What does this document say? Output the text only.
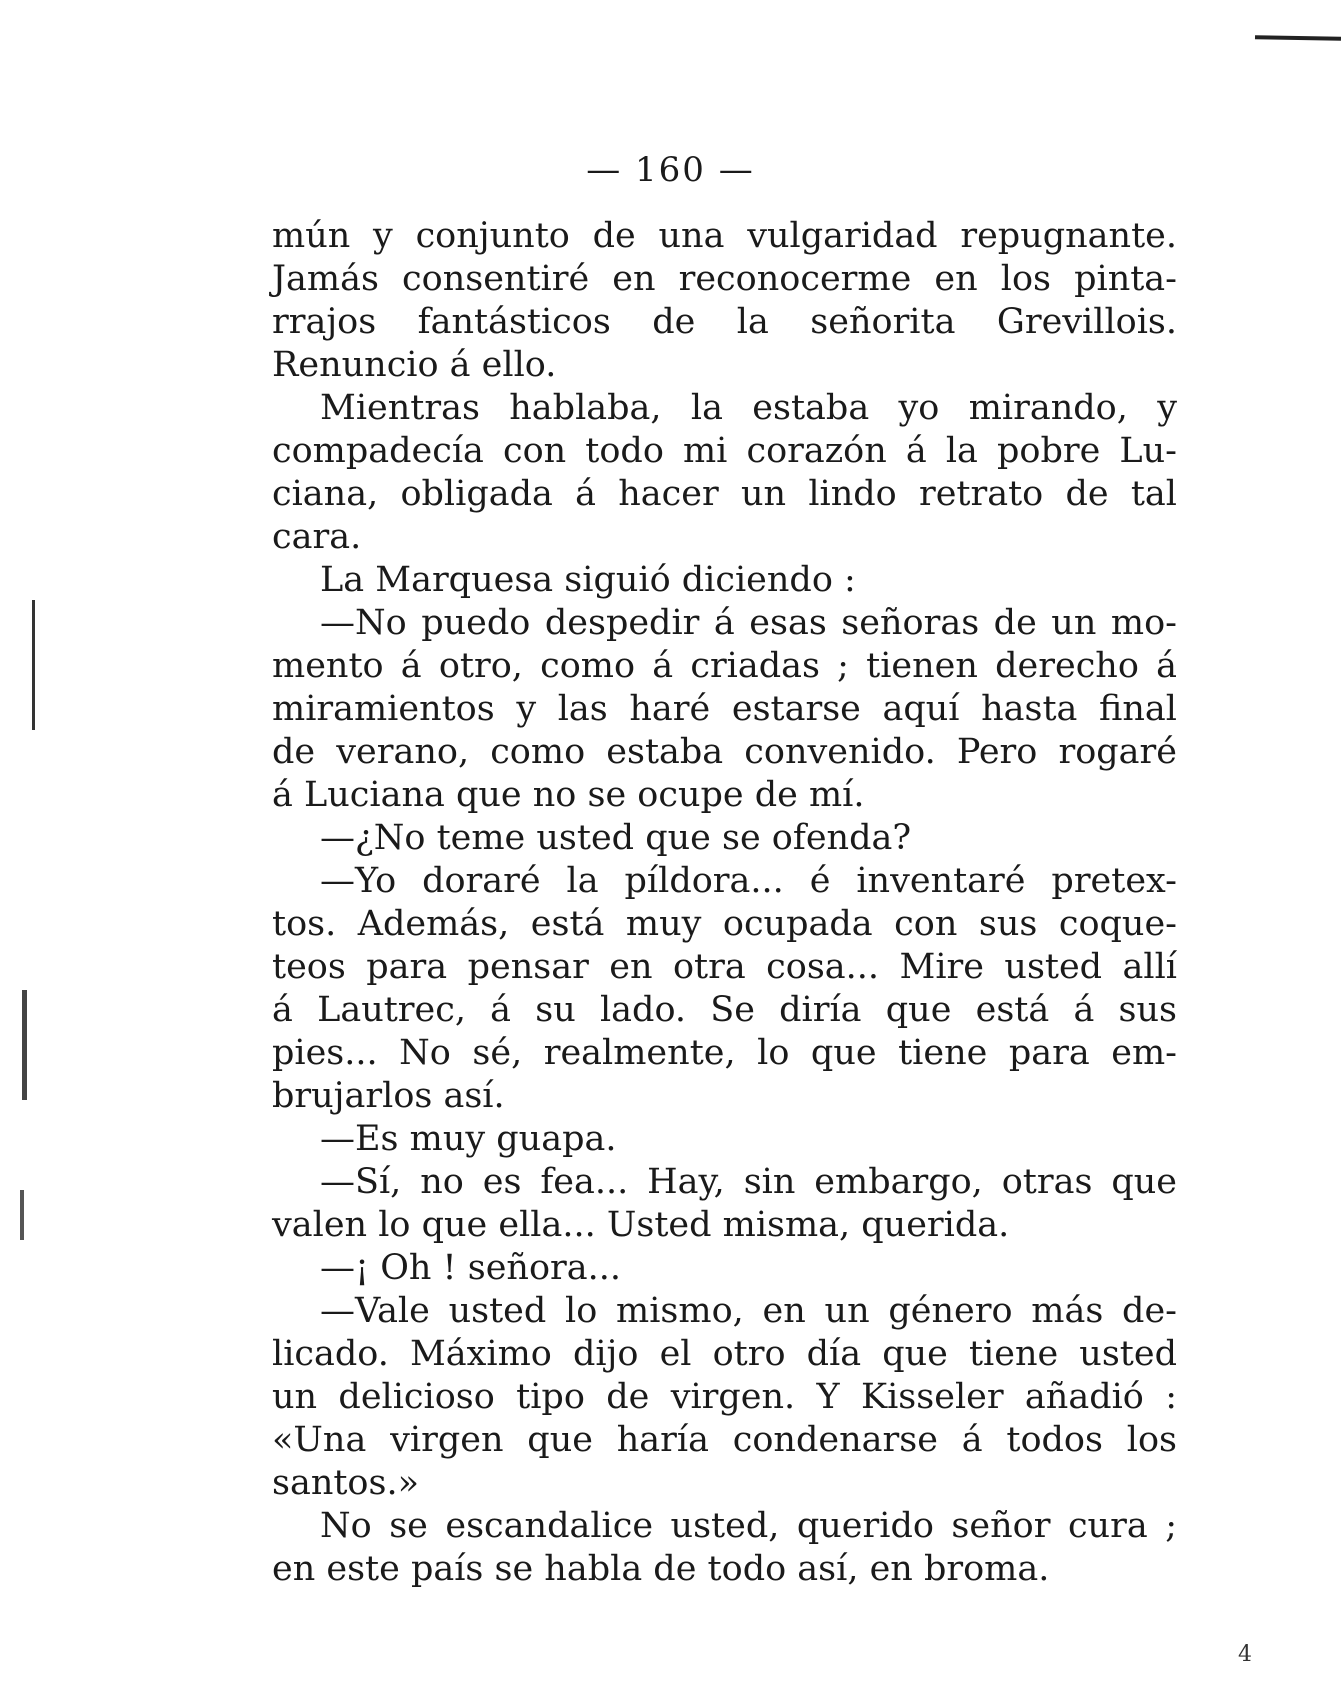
— 160 —
mún y conjunto de una vulgaridad repugnante.
Jamás consentiré en reconocerme en los pinta-
rrajos fantásticos de la señorita Grevillois.
Renuncio á ello.
Mientras hablaba, la estaba yo mirando, y
compadecía con todo mi corazón á la pobre Lu-
ciana, obligada á hacer un lindo retrato de tal
cara.
La Marquesa siguió diciendo :
—No puedo despedir á esas señoras de un mo-
mento á otro, como á criadas ; tienen derecho á
miramientos y las haré estarse aquí hasta final
de verano, como estaba convenido. Pero rogaré
á Luciana que no se ocupe de mí.
—¿No teme usted que se ofenda?
—Yo doraré la píldora... é inventaré pretex-
tos. Además, está muy ocupada con sus coque-
teos para pensar en otra cosa... Mire usted allí
á Lautrec, á su lado. Se diría que está á sus
pies... No sé, realmente, lo que tiene para em-
brujarlos así.
—Es muy guapa.
—Sí, no es fea... Hay, sin embargo, otras que
valen lo que ella... Usted misma, querida.
—¡ Oh ! señora...
—Vale usted lo mismo, en un género más de-
licado. Máximo dijo el otro día que tiene usted
un delicioso tipo de virgen. Y Kisseler añadió :
«Una virgen que haría condenarse á todos los
santos.»
No se escandalice usted, querido señor cura ;
en este país se habla de todo así, en broma.
4
